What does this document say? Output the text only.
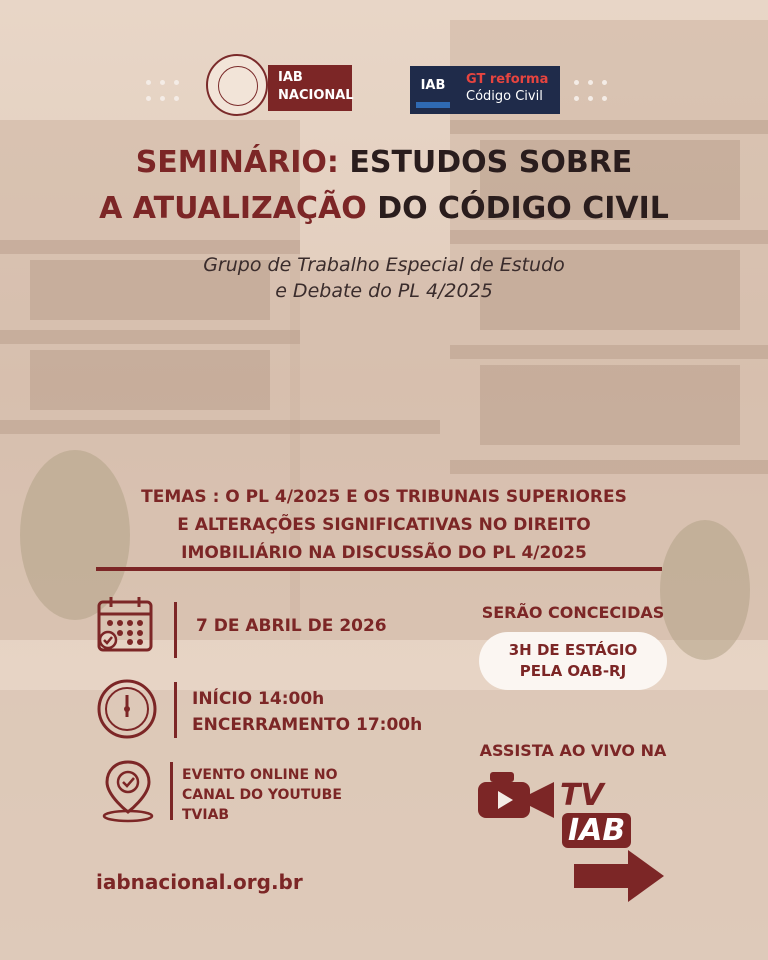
IAB NACIONAL
IAB	GT reforma
Código Civil
SEMINÁRIO: ESTUDOS SOBRE
A ATUALIZAÇÃO DO CÓDIGO CIVIL
Grupo de Trabalho Especial de Estudo
e Debate do PL 4/2025
TEMAS : O PL 4/2025 E OS TRIBUNAIS SUPERIORES
E ALTERAÇÕES SIGNIFICATIVAS NO DIREITO
IMOBILIÁRIO NA DISCUSSÃO DO PL 4/2025
7 DE ABRIL DE 2026
INÍCIO 14:00h
ENCERRAMENTO 17:00h
EVENTO ONLINE NO
CANAL DO YOUTUBE
TVIAB
SERÃO CONCECIDAS
3H DE ESTÁGIO
PELA OAB-RJ
ASSISTA AO VIVO NA
TVIAB
iabnacional.org.br
